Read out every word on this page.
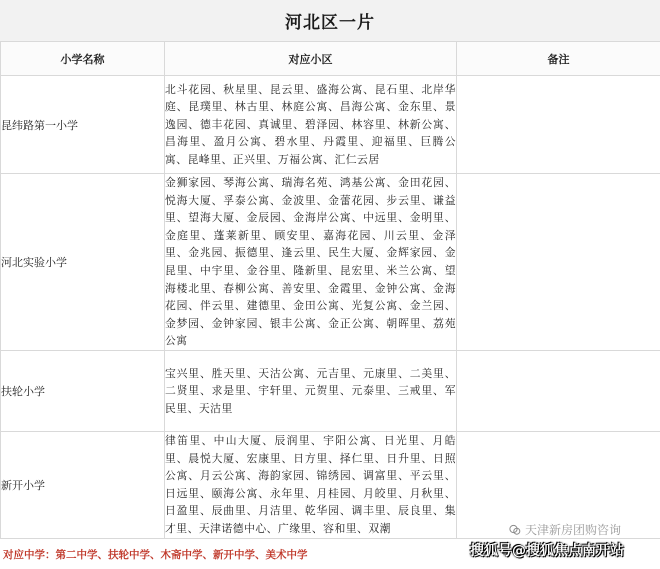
河北区一片
小学名称	对应小区	备注
昆纬路第一小学	北斗花园、秋星里、昆云里、盛海公寓、昆石里、北岸华庭、昆璞里、林古里、林庭公寓、昌海公寓、金东里、景逸园、德丰花园、真诚里、碧泽园、林容里、林新公寓、昌海里、盈月公寓、碧水里、丹霞里、迎福里、巨腾公寓、昆峰里、正兴里、万福公寓、汇仁云居	
河北实验小学	金狮家园、琴海公寓、瑞海名苑、鸿基公寓、金田花园、悦海大厦、孚泰公寓、金波里、金蕾花园、步云里、谦益里、望海大厦、金辰园、金海岸公寓、中远里、金明里、金庭里、蓬莱新里、顾安里、嘉海花园、川云里、金泽里、金兆园、振德里、逢云里、民生大厦、金辉家园、金昆里、中宇里、金谷里、隆新里、昆宏里、米兰公寓、望海楼北里、春柳公寓、善安里、金霞里、金钟公寓、金海花园、伴云里、建德里、金田公寓、光复公寓、金兰园、金梦园、金钟家园、银丰公寓、金正公寓、朝晖里、荔苑公寓	
扶轮小学	宝兴里、胜天里、天沽公寓、元吉里、元康里、二美里、二贤里、求是里、宇轩里、元贺里、元泰里、三戒里、军民里、天沽里	
新开小学	律笛里、中山大厦、辰润里、宇阳公寓、日光里、月皓里、晨悦大厦、宏康里、日方里、择仁里、日升里、日照公寓、月云公寓、海韵家园、锦绣园、调富里、平云里、日远里、颐海公寓、永年里、月桂园、月皎里、月秋里、日盈里、辰曲里、月洁里、乾华园、调丰里、辰良里、集才里、天津诺德中心、广缘里、容和里、双潮	
对应中学：第二中学、扶轮中学、木斋中学、新开中学、美术中学
天津新房团购咨询
搜狐号@搜狐焦点南开站
